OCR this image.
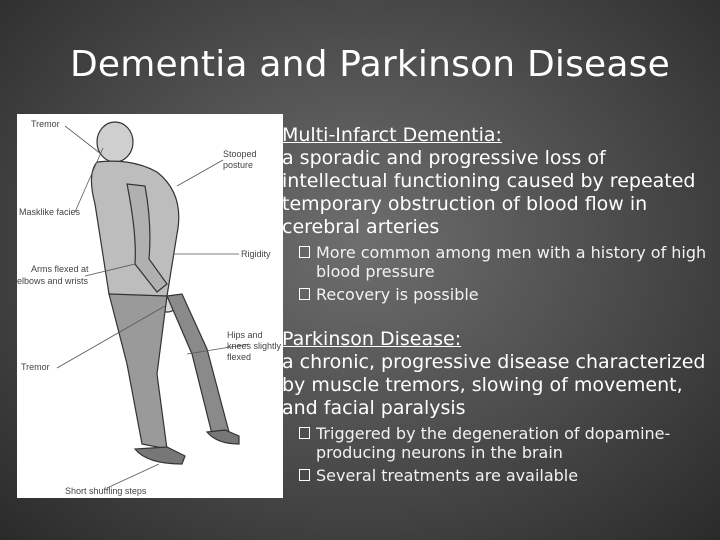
Dementia and Parkinson Disease
Tremor
Stooped posture
Masklike facies
Rigidity
Arms flexed at elbows and wrists
Hips and knees slightly flexed
Tremor
Short shuffling steps
Multi-Infarct Dementia:
a sporadic and progressive loss of intellectual functioning caused by repeated temporary obstruction of blood flow in cerebral arteries
More common among men with a history of high blood pressure
Recovery is possible
Parkinson Disease:
a chronic, progressive disease characterized by muscle tremors, slowing of movement, and facial paralysis
Triggered by the degeneration of dopamine-producing neurons in the brain
Several treatments are available
